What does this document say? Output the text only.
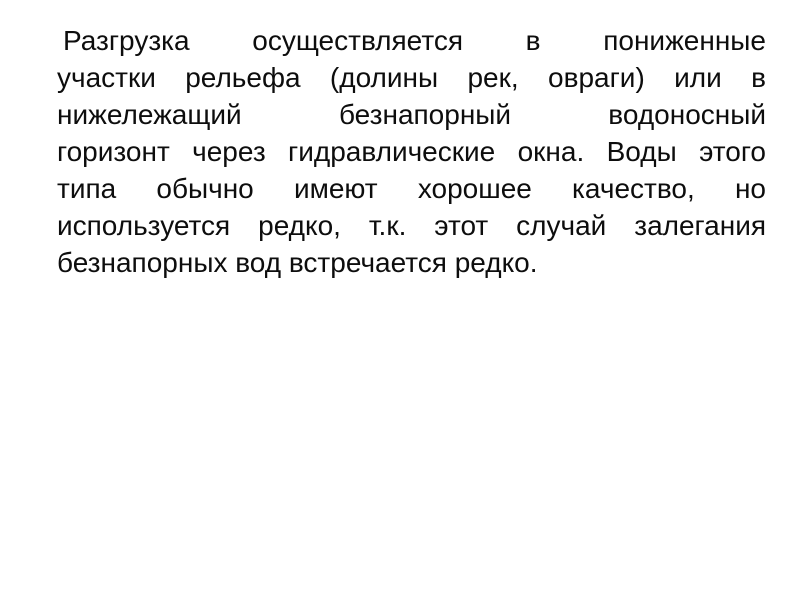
Разгрузка осуществляется в пониженные
участки рельефа (долины рек, овраги) или в
нижележащий безнапорный водоносный
горизонт через гидравлические окна. Воды этого
типа обычно имеют хорошее качество, но
используется редко, т.к. этот случай залегания
безнапорных вод встречается редко.
